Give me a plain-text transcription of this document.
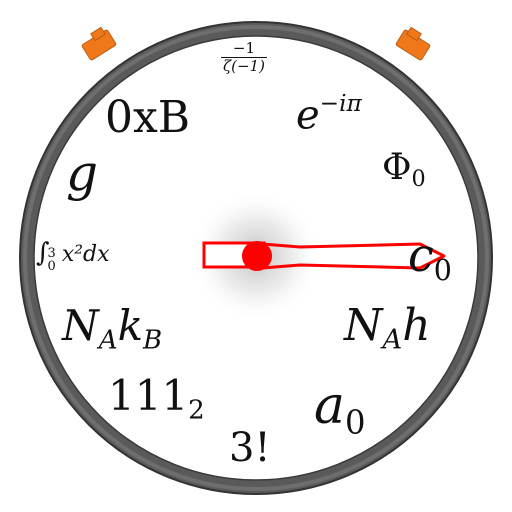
$\frac{-1}{\zeta(-1)}$
$e^{-i\pi}$
$\Phi_0$
$c_0$
$N_Ah$
$a_0$
3!
$111_2$
$N_Ak_B$
∫
3
0 x²dx
g
0xB
